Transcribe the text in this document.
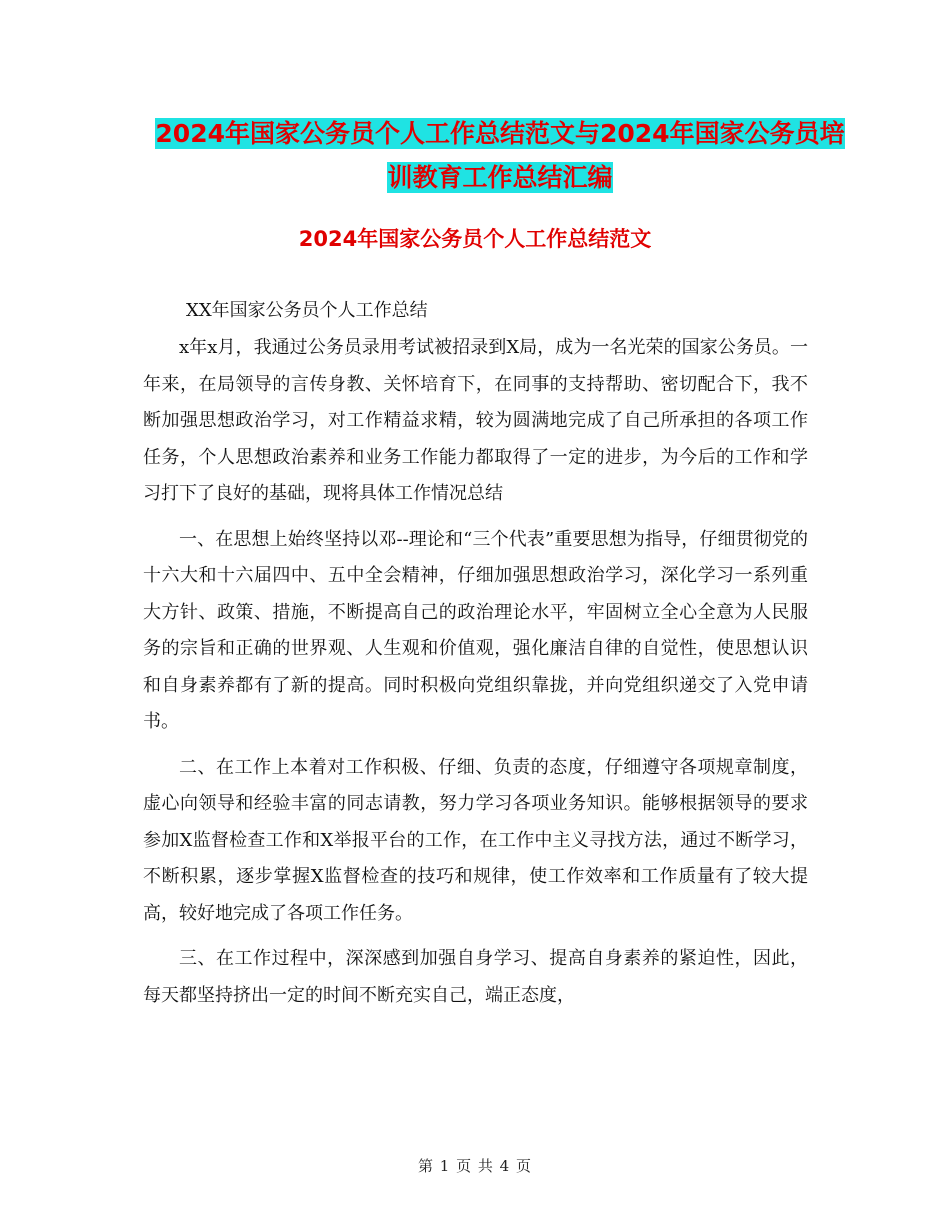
2024年国家公务员个人工作总结范文与2024年国家公务员培训教育工作总结汇编
2024年国家公务员个人工作总结范文
XX年国家公务员个人工作总结

x年x月，我通过公务员录用考试被招录到X局，成为一名光荣的国家公务员。一年来，在局领导的言传身教、关怀培育下，在同事的支持帮助、密切配合下，我不断加强思想政治学习，对工作精益求精，较为圆满地完成了自己所承担的各项工作任务，个人思想政治素养和业务工作能力都取得了一定的进步，为今后的工作和学习打下了良好的基础，现将具体工作情况总结

一、在思想上始终坚持以邓--理论和“三个代表”重要思想为指导，仔细贯彻党的十六大和十六届四中、五中全会精神，仔细加强思想政治学习，深化学习一系列重大方针、政策、措施，不断提高自己的政治理论水平，牢固树立全心全意为人民服务的宗旨和正确的世界观、人生观和价值观，强化廉洁自律的自觉性，使思想认识和自身素养都有了新的提高。同时积极向党组织靠拢，并向党组织递交了入党申请书。

二、在工作上本着对工作积极、仔细、负责的态度，仔细遵守各项规章制度，虚心向领导和经验丰富的同志请教，努力学习各项业务知识。能够根据领导的要求参加X监督检查工作和X举报平台的工作，在工作中主义寻找方法，通过不断学习，不断积累，逐步掌握X监督检查的技巧和规律，使工作效率和工作质量有了较大提高，较好地完成了各项工作任务。

三、在工作过程中，深深感到加强自身学习、提高自身素养的紧迫性，因此，每天都坚持挤出一定的时间不断充实自己，端正态度，

第 1 页 共 4 页
